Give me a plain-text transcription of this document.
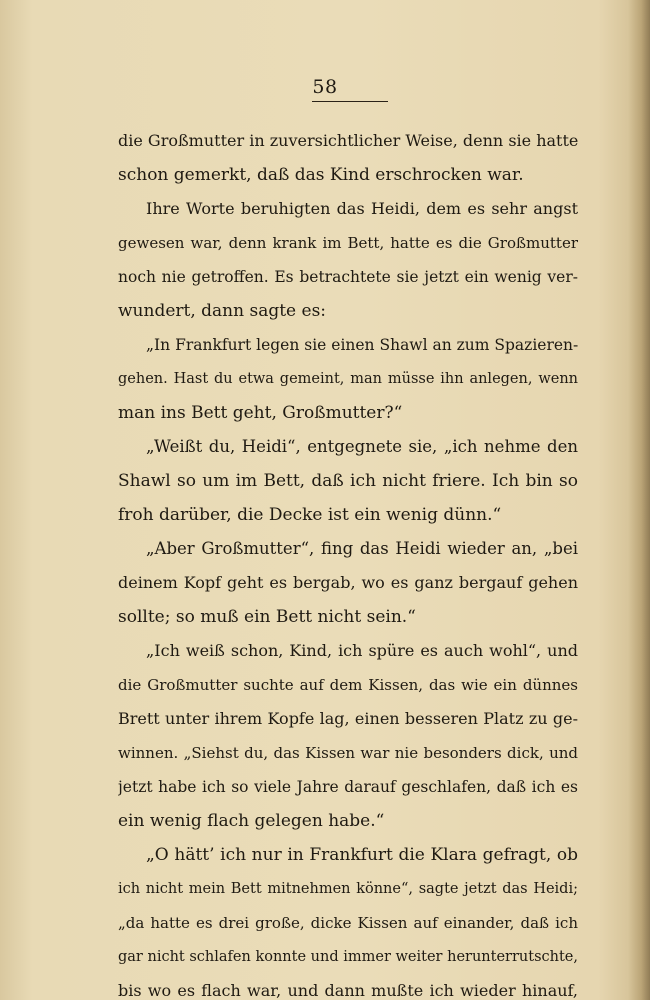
58
die Großmutter in zuversichtlicher Weise, denn sie hatte
schon gemerkt, daß das Kind erschrocken war.
Ihre Worte beruhigten das Heidi, dem es sehr angst
gewesen war, denn krank im Bett, hatte es die Großmutter
noch nie getroffen. Es betrachtete sie jetzt ein wenig ver-
wundert, dann sagte es:
„In Frankfurt legen sie einen Shawl an zum Spazieren-
gehen. Hast du etwa gemeint, man müsse ihn anlegen, wenn
man ins Bett geht, Großmutter?“
„Weißt du, Heidi“, entgegnete sie, „ich nehme den
Shawl so um im Bett, daß ich nicht friere. Ich bin so
froh darüber, die Decke ist ein wenig dünn.“
„Aber Großmutter“, fing das Heidi wieder an, „bei
deinem Kopf geht es bergab, wo es ganz bergauf gehen
sollte; so muß ein Bett nicht sein.“
„Ich weiß schon, Kind, ich spüre es auch wohl“, und
die Großmutter suchte auf dem Kissen, das wie ein dünnes
Brett unter ihrem Kopfe lag, einen besseren Platz zu ge-
winnen. „Siehst du, das Kissen war nie besonders dick, und
jetzt habe ich so viele Jahre darauf geschlafen, daß ich es
ein wenig flach gelegen habe.“
„O hätt’ ich nur in Frankfurt die Klara gefragt, ob
ich nicht mein Bett mitnehmen könne“, sagte jetzt das Heidi;
„da hatte es drei große, dicke Kissen auf einander, daß ich
gar nicht schlafen konnte und immer weiter herunterrutschte,
bis wo es flach war, und dann mußte ich wieder hinauf,
